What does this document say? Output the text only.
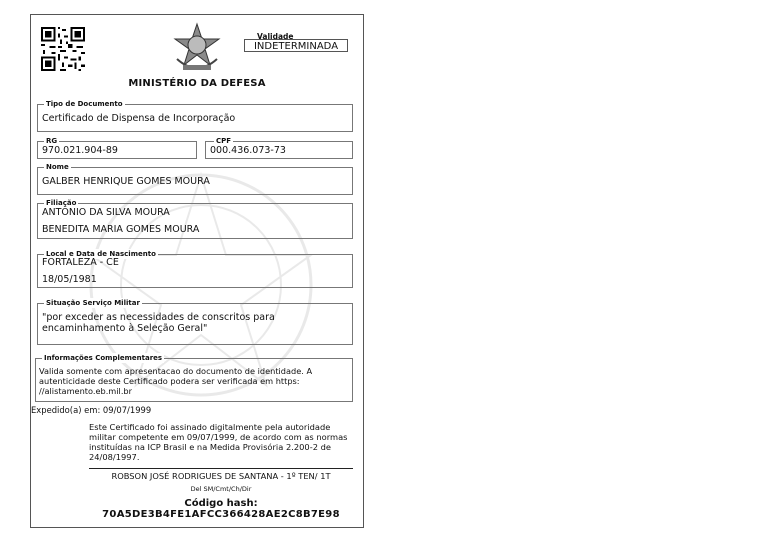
Validade
INDETERMINADA
MINISTÉRIO DA DEFESA
Tipo de Documento
Certificado de Dispensa de Incorporação
RG
970.021.904-89
CPF
000.436.073-73
Nome
GALBER HENRIQUE GOMES MOURA
Filiação
ANTÔNIO DA SILVA MOURA
BENEDITA MARIA GOMES MOURA
Local e Data de Nascimento
FORTALEZA - CE
18/05/1981
Situação Serviço Militar
"por exceder as necessidades de conscritos para encaminhamento à Seleção Geral"
Informações Complementares
Valida somente com apresentacao do documento de identidade. A autenticidade deste Certificado podera ser verificada em https: //alistamento.eb.mil.br
Expedido(a) em: 09/07/1999
Este Certificado foi assinado digitalmente pela autoridade militar competente em 09/07/1999, de acordo com as normas instituídas na ICP Brasil e na Medida Provisória 2.200-2 de 24/08/1997.
ROBSON JOSÉ RODRIGUES DE SANTANA - 1º TEN/ 1T
Del SM/Cmt/Ch/Dir
Código hash:
70A5DE3B4FE1AFCC366428AE2C8B7E98
